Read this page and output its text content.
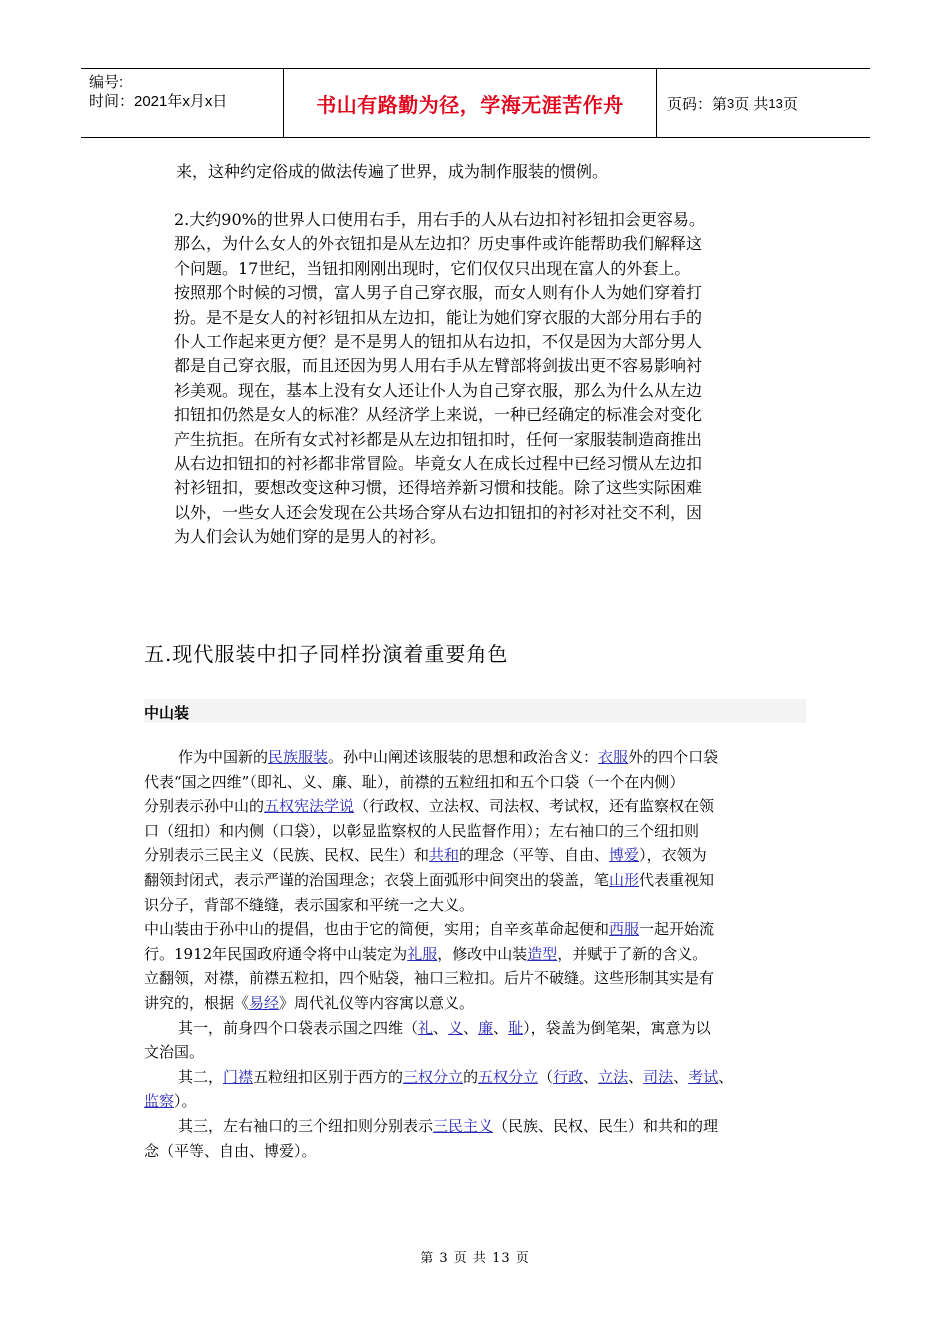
编号:
时间：2021年x月x日	书山有路勤为径，学海无涯苦作舟	页码：第 3 页 共 13 页
来，这种约定俗成的做法传遍了世界，成为制作服装的惯例。

2.大约90%的世界人口使用右手，用右手的人从右边扣衬衫钮扣会更容易。

那么，为什么女人的外衣钮扣是从左边扣？历史事件或许能帮助我们解释这

个问题。17世纪，当钮扣刚刚出现时，它们仅仅只出现在富人的外套上。

按照那个时候的习惯，富人男子自己穿衣服，而女人则有仆人为她们穿着打

扮。是不是女人的衬衫钮扣从左边扣，能让为她们穿衣服的大部分用右手的

仆人工作起来更方便？是不是男人的钮扣从右边扣，不仅是因为大部分男人

都是自己穿衣服，而且还因为男人用右手从左臂部将剑拔出更不容易影响衬

衫美观。现在，基本上没有女人还让仆人为自己穿衣服，那么为什么从左边

扣钮扣仍然是女人的标准？从经济学上来说，一种已经确定的标准会对变化

产生抗拒。在所有女式衬衫都是从左边扣钮扣时，任何一家服装制造商推出

从右边扣钮扣的衬衫都非常冒险。毕竟女人在成长过程中已经习惯从左边扣

衬衫钮扣，要想改变这种习惯，还得培养新习惯和技能。除了这些实际困难

以外，一些女人还会发现在公共场合穿从右边扣钮扣的衬衫对社交不利，因

为人们会认为她们穿的是男人的衬衫。

五.现代服装中扣子同样扮演着重要角色
中山装

作为中国新的民族服装。孙中山阐述该服装的思想和政治含义：衣服外的四个口袋

代表“国之四维”（即礼、义、廉、耻），前襟的五粒纽扣和五个口袋（一个在内侧）

分别表示孙中山的五权宪法学说（行政权、立法权、司法权、考试权，还有监察权在领

口（纽扣）和内侧（口袋），以彰显监察权的人民监督作用）；左右袖口的三个纽扣则

分别表示三民主义（民族、民权、民生）和共和的理念（平等、自由、博爱），衣领为

翻领封闭式，表示严谨的治国理念；衣袋上面弧形中间突出的袋盖，笔山形代表重视知

识分子，背部不缝缝，表示国家和平统一之大义。

中山装由于孙中山的提倡，也由于它的简便，实用；自辛亥革命起便和西服一起开始流

行。1912年民国政府通令将中山装定为礼服，修改中山装造型，并赋于了新的含义。

立翻领，对襟，前襟五粒扣，四个贴袋，袖口三粒扣。后片不破缝。这些形制其实是有

讲究的，根据《易经》周代礼仪等内容寓以意义。

其一，前身四个口袋表示国之四维（礼、义、廉、耻），袋盖为倒笔架，寓意为以

文治国。

其二，门襟五粒纽扣区别于西方的三权分立的五权分立（行政、立法、司法、考试、

监察）。

其三，左右袖口的三个纽扣则分别表示三民主义（民族、民权、民生）和共和的理

念（平等、自由、博爱）。

第 3 页 共 13 页
